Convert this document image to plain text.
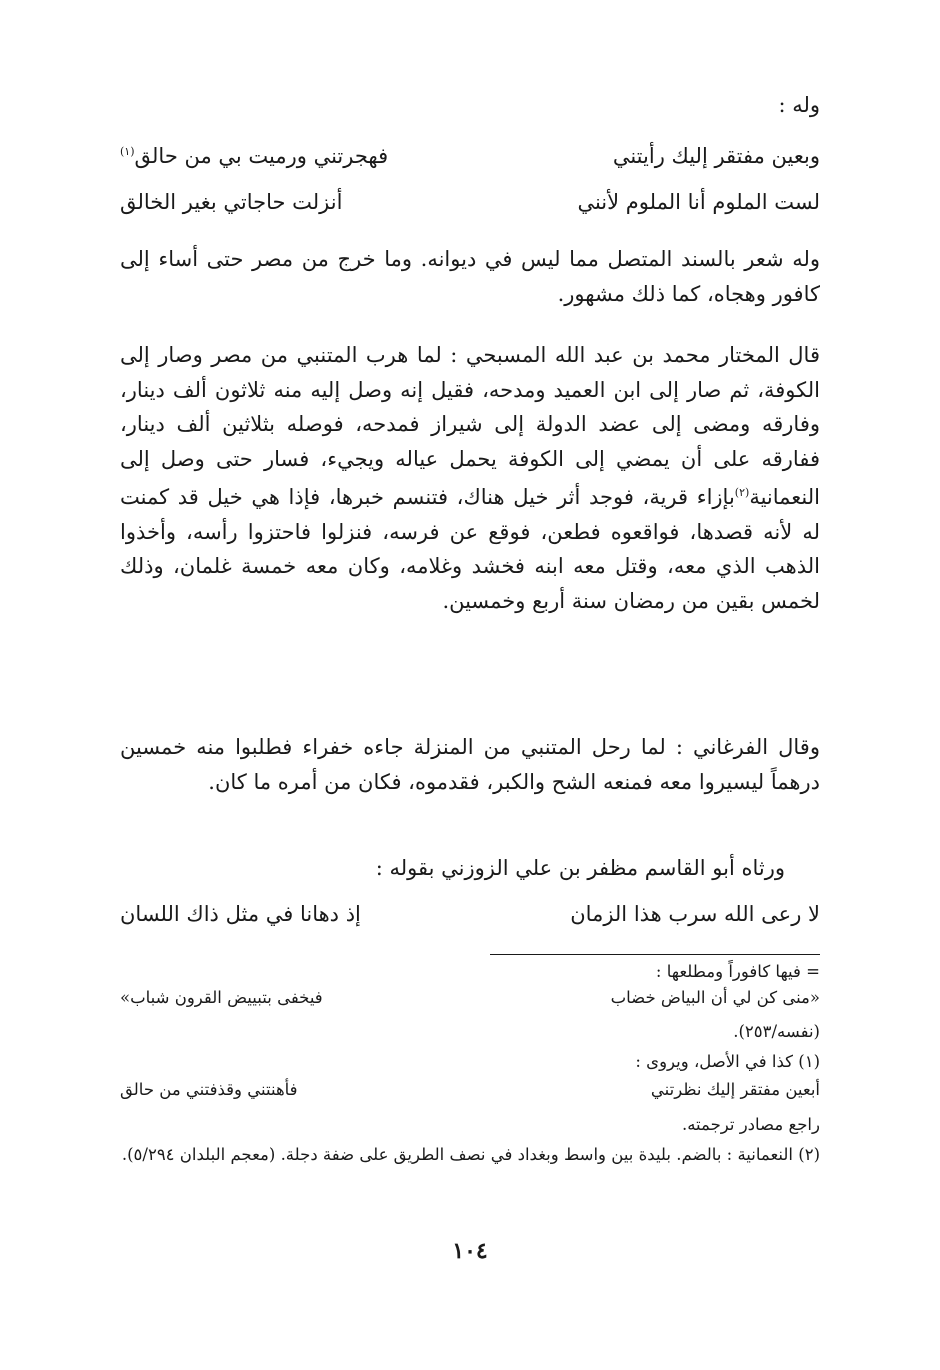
وله :
وبعين مفتقر إليك رأيتني
فهجرتني ورميت بي من حالق$^{(١)}$
لست الملوم أنا الملوم لأنني
أنزلت حاجاتي بغير الخالق
وله شعر بالسند المتصل مما ليس في ديوانه. وما خرج من مصر حتى أساء إلى كافور وهجاه، كما ذلك مشهور.
قال المختار محمد بن عبد الله المسبحي : لما هرب المتنبي من مصر وصار إلى الكوفة، ثم صار إلى ابن العميد ومدحه، فقيل إنه وصل إليه منه ثلاثون ألف دينار، وفارقه ومضى إلى عضد الدولة إلى شيراز فمدحه، فوصله بثلاثين ألف دينار، ففارقه على أن يمضي إلى الكوفة يحمل عياله ويجيء، فسار حتى وصل إلى النعمانية$^{(٢)}$بإزاء قرية، فوجد أثر خيل هناك، فتنسم خبرها، فإذا هي خيل قد كمنت له لأنه قصدها، فواقعوه فطعن، فوقع عن فرسه، فنزلوا فاحتزوا رأسه، وأخذوا الذهب الذي معه، وقتل معه ابنه فخشد وغلامه، وكان معه خمسة غلمان، وذلك لخمس بقين من رمضان سنة أربع وخمسين.
وقال الفرغاني : لما رحل المتنبي من المنزلة جاءه خفراء فطلبوا منه خمسين درهماً ليسيروا معه فمنعه الشح والكبر، فقدموه، فكان من أمره ما كان.
ورثاه أبو القاسم مظفر بن علي الزوزني بقوله :
لا رعى الله سرب هذا الزمان
إذ دهانا في مثل ذاك اللسان
= فيها كافوراً ومطلعها :
«منى كن لي أن البياض خضاب
فيخفى بتبييض القرون شباب»
(نفسه/٢٥٣).
(١) كذا في الأصل، ويروى :
أبعين مفتقر إليك نظرتني
فأهنتني وقذفتني من حالق
راجع مصادر ترجمته.
(٢) النعمانية : بالضم. بليدة بين واسط وبغداد في نصف الطريق على ضفة دجلة. (معجم البلدان ٥/٢٩٤).
١٠٤
